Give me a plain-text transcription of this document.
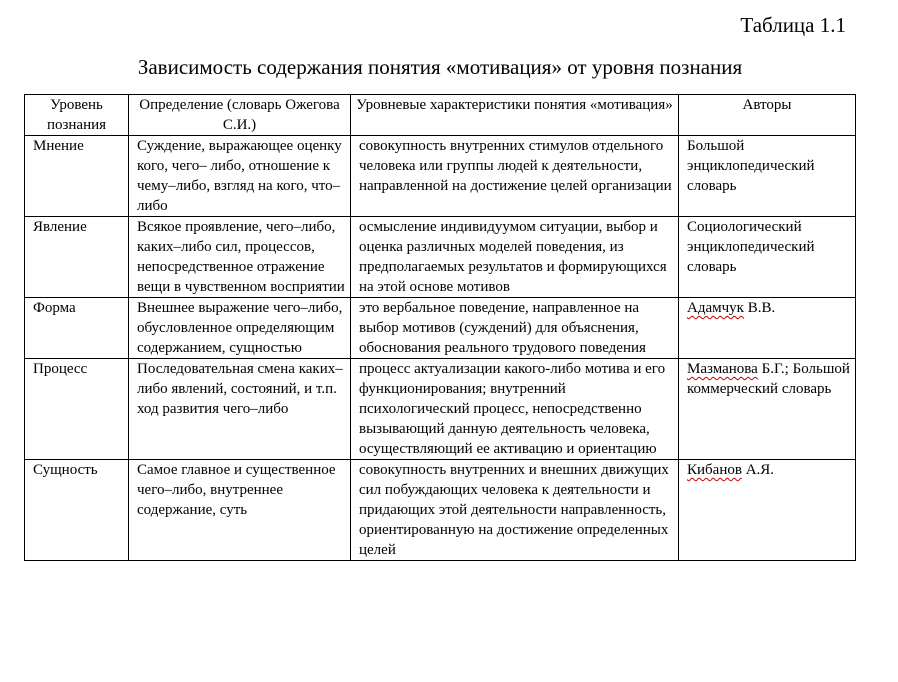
Таблица 1.1
Зависимость содержания понятия «мотивация» от уровня познания
Уровень познания	Определение (словарь Ожегова С.И.)	Уровневые характеристики понятия «мотивация»	Авторы
Мнение	Суждение, выражающее оценку кого, чего– либо, отношение к чему–либо, взгляд на кого, что–либо	совокупность внутренних стимулов отдельного человека или группы людей к деятельности, направленной на достижение целей организации	Большой энциклопедический словарь
Явление	Всякое проявление, чего–либо, каких–либо сил, процессов, непосредственное отражение вещи в чувственном восприятии	осмысление индивидуумом ситуации, выбор и оценка различных моделей поведения, из предполагаемых результатов и формирующихся на этой основе мотивов	Социологический энциклопедический словарь
Форма	Внешнее выражение чего–либо, обусловленное определяющим содержанием, сущностью	это вербальное поведение, направленное на выбор мотивов (суждений) для объяснения, обоснования реального трудового поведения	Адамчук В.В.
Процесс	Последовательная смена каких–либо явлений, состояний, и т.п. ход развития чего–либо	процесс актуализации какого-либо мотива и его функционирования; внутренний психологический процесс, непосредственно вызывающий данную деятельность человека, осуществляющий ее активацию и ориентацию	Мазманова Б.Г.; Большой коммерческий словарь
Сущность	Самое главное и существенное чего–либо, внутреннее содержание, суть	совокупность внутренних и внешних движущих сил побуждающих человека к деятельности и придающих этой деятельности направленность, ориентированную на достижение определенных целей	Кибанов А.Я.
